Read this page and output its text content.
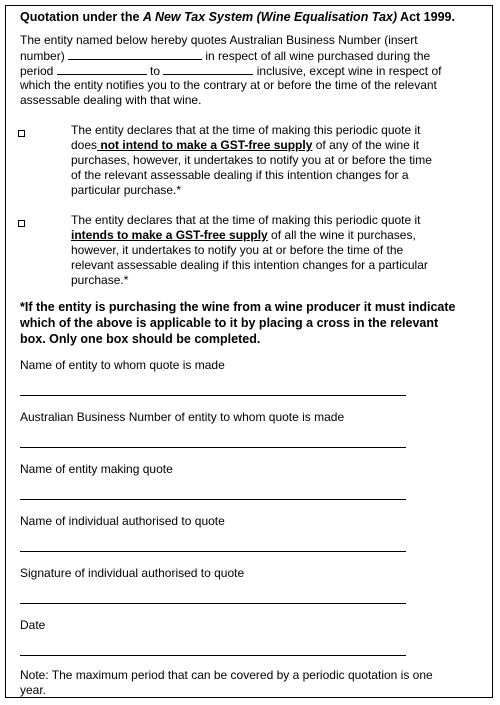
Quotation under the A New Tax System (Wine Equalisation Tax) Act 1999.

The entity named below hereby quotes Australian Business Number (insert

number)	in respect of all wine purchased during the

period	to	inclusive, except wine in respect of

which the entity notifies you to the contrary at or before the time of the relevant

assessable dealing with that wine.

The entity declares that at the time of making this periodic quote it

does not intend to make a GST-free supply of any of the wine it

purchases, however, it undertakes to notify you at or before the time

of the relevant assessable dealing if this intention changes for a

particular purchase.*

The entity declares that at the time of making this periodic quote it

intends to make a GST-free supply of all the wine it purchases,

however, it undertakes to notify you at or before the time of the

relevant assessable dealing if this intention changes for a particular

purchase.*

*If the entity is purchasing the wine from a wine producer it must indicate

which of the above is applicable to it by placing a cross in the relevant

box. Only one box should be completed.

Name of entity to whom quote is made

Australian Business Number of entity to whom quote is made

Name of entity making quote

Name of individual authorised to quote

Signature of individual authorised to quote

Date

Note: The maximum period that can be covered by a periodic quotation is one

year.
